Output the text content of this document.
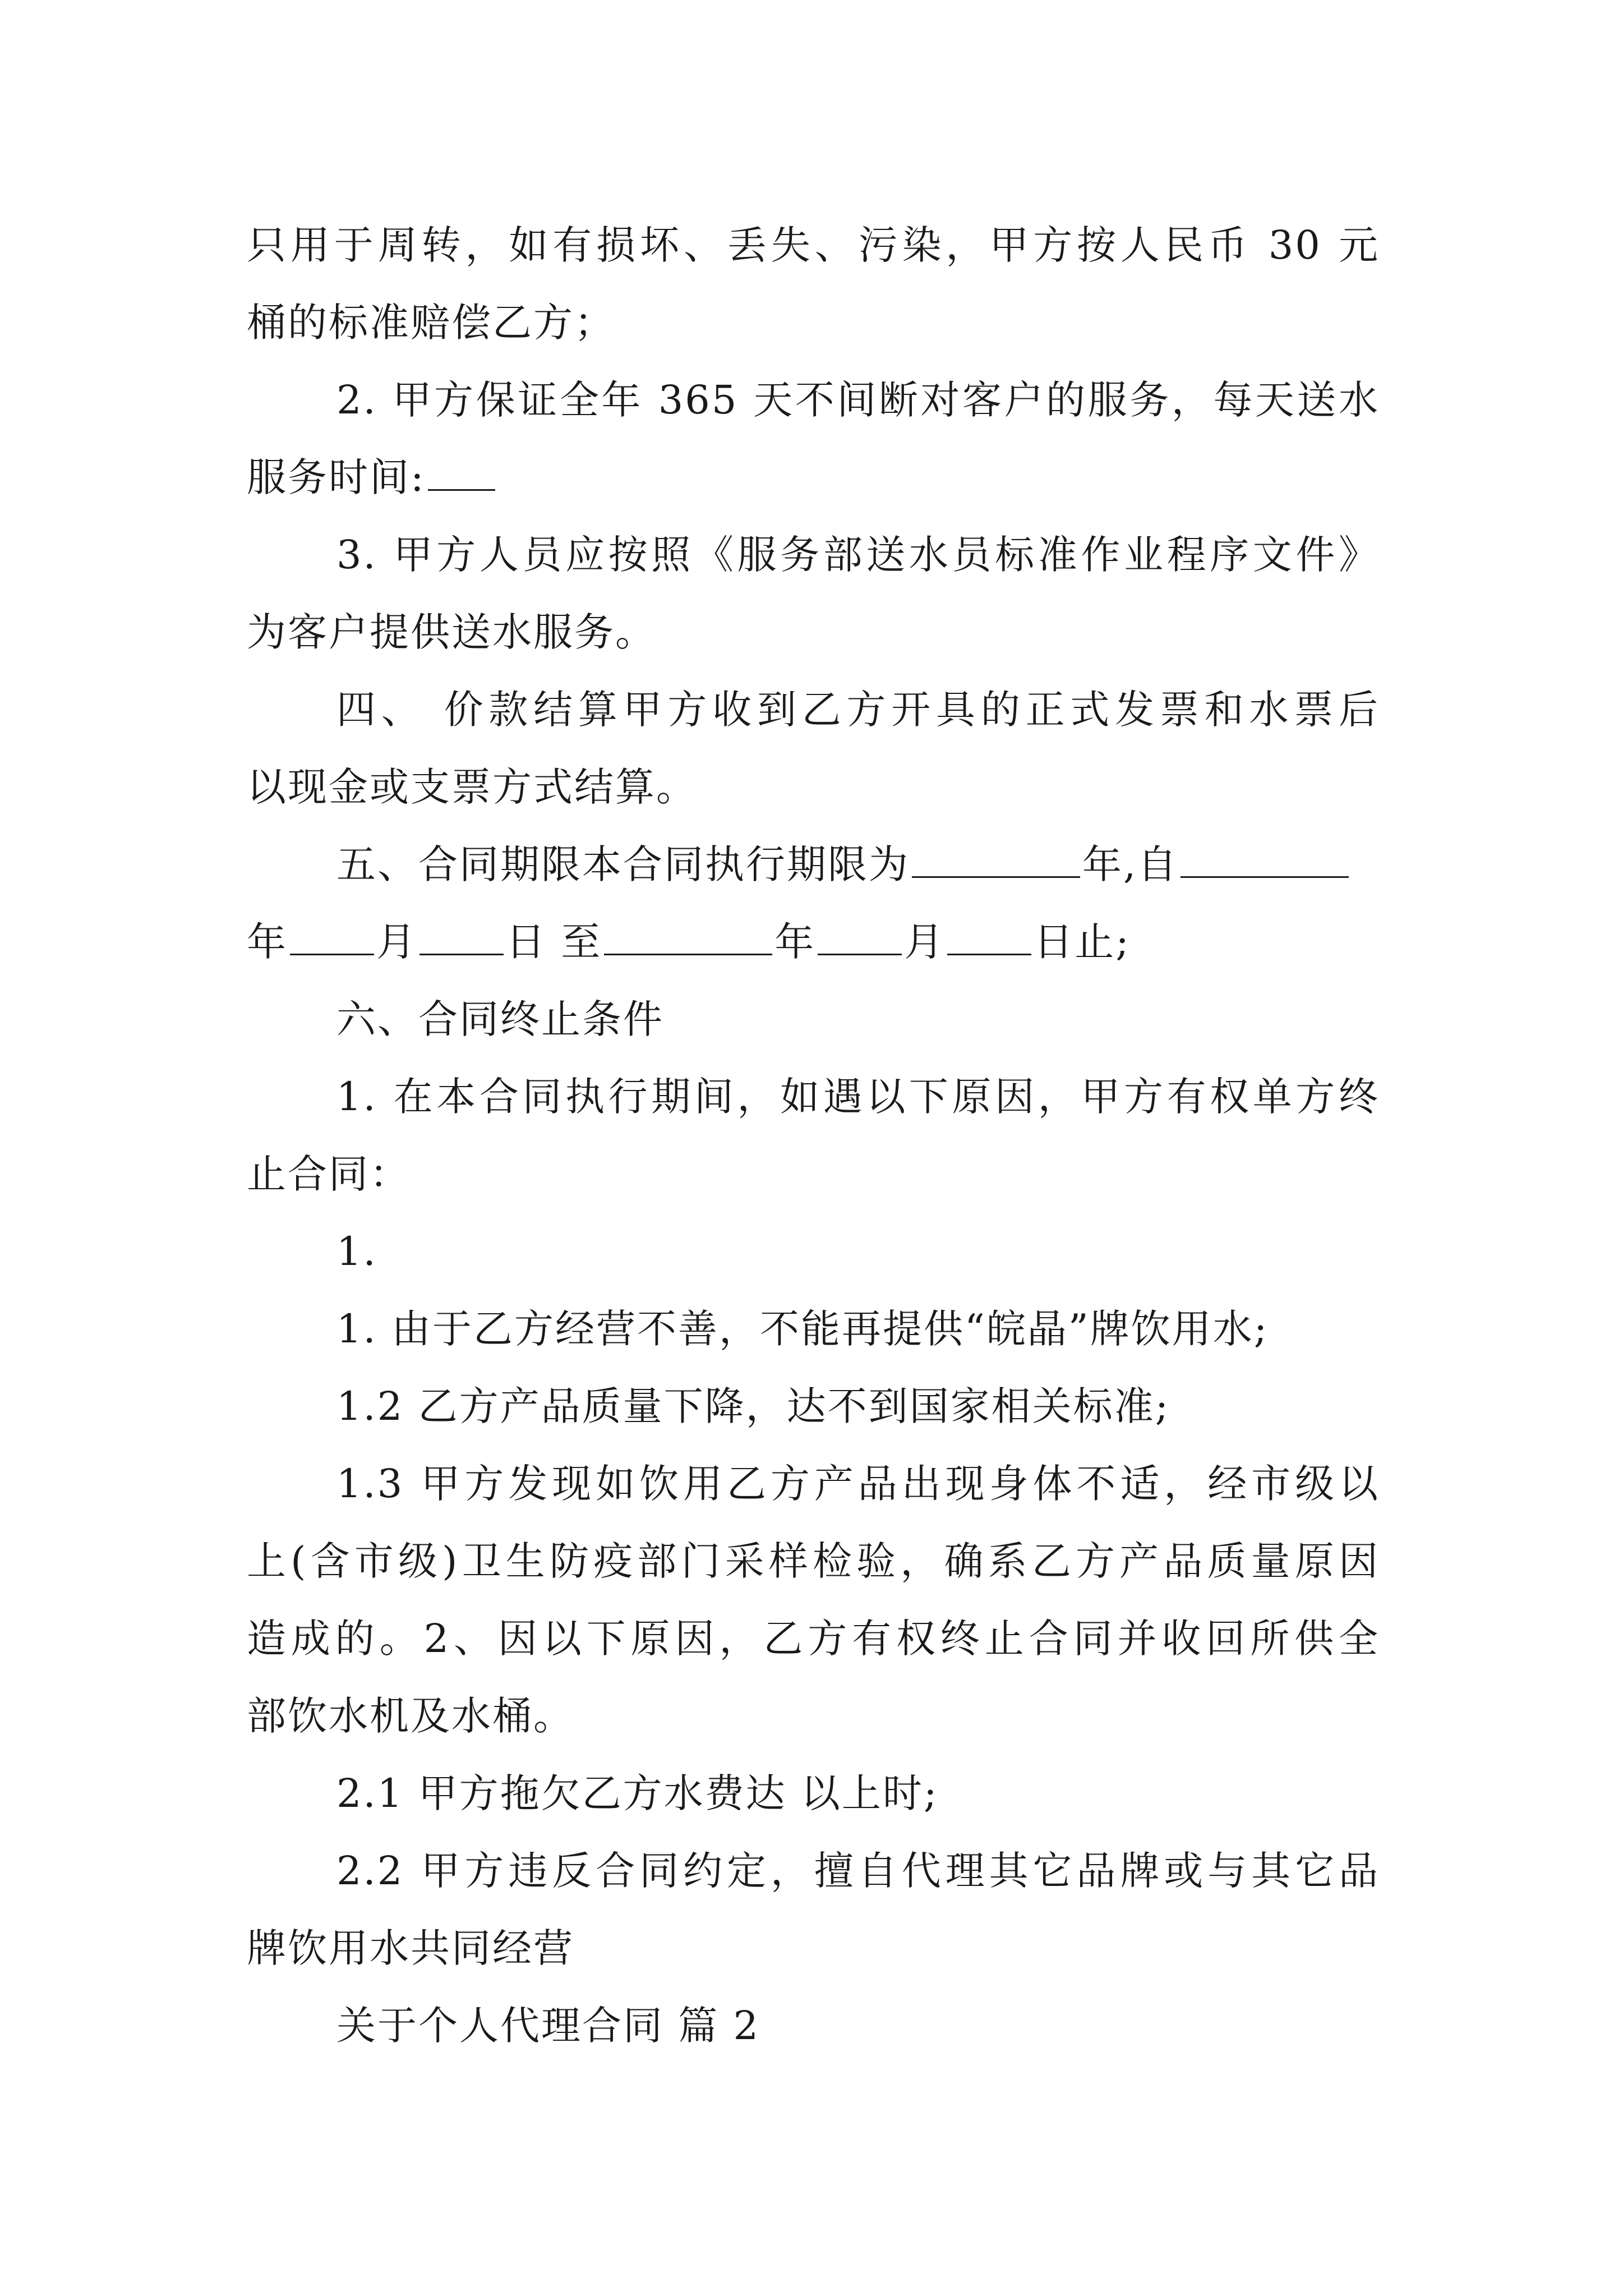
只用于周转，如有损坏、丢失、污染，甲方按人民币 30 元
桶的标准赔偿乙方；
2. 甲方保证全年 365 天不间断对客户的服务，每天送水
服务时间:
3. 甲方人员应按照《服务部送水员标准作业程序文件》
为客户提供送水服务。
四、 价款结算甲方收到乙方开具的正式发票和水票后
以现金或支票方式结算。
五、合同期限本合同执行期限为	年,自
年 月 日 至	年 月 日止;
六、合同终止条件
1. 在本合同执行期间，如遇以下原因，甲方有权单方终
止合同：
1.
1. 由于乙方经营不善，不能再提供“皖晶”牌饮用水;
1.2 乙方产品质量下降，达不到国家相关标准;
1.3 甲方发现如饮用乙方产品出现身体不适，经市级以
上(含市级)卫生防疫部门采样检验，确系乙方产品质量原因
造成的。2、因以下原因，乙方有权终止合同并收回所供全
部饮水机及水桶。
2.1 甲方拖欠乙方水费达 以上时;
2.2 甲方违反合同约定，擅自代理其它品牌或与其它品
牌饮用水共同经营
关于个人代理合同 篇 2
